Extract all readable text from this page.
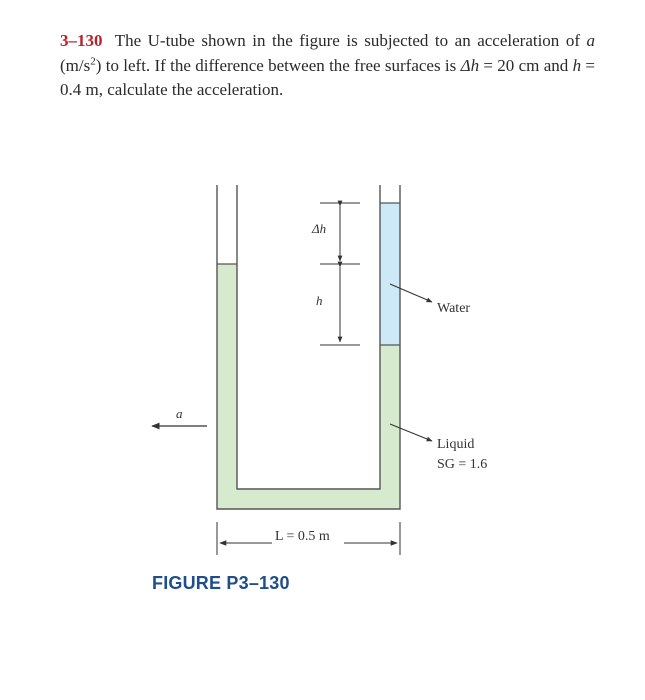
3–130 The U-tube shown in the figure is subjected to an acceleration of a $(m/s^2)$ to left. If the difference between the free surfaces is Δh = 20 cm and h = 0.4 m, calculate the acceleration.
Δh
h
Water
Liquid
SG = 1.6
a
L = 0.5 m
FIGURE P3–130
